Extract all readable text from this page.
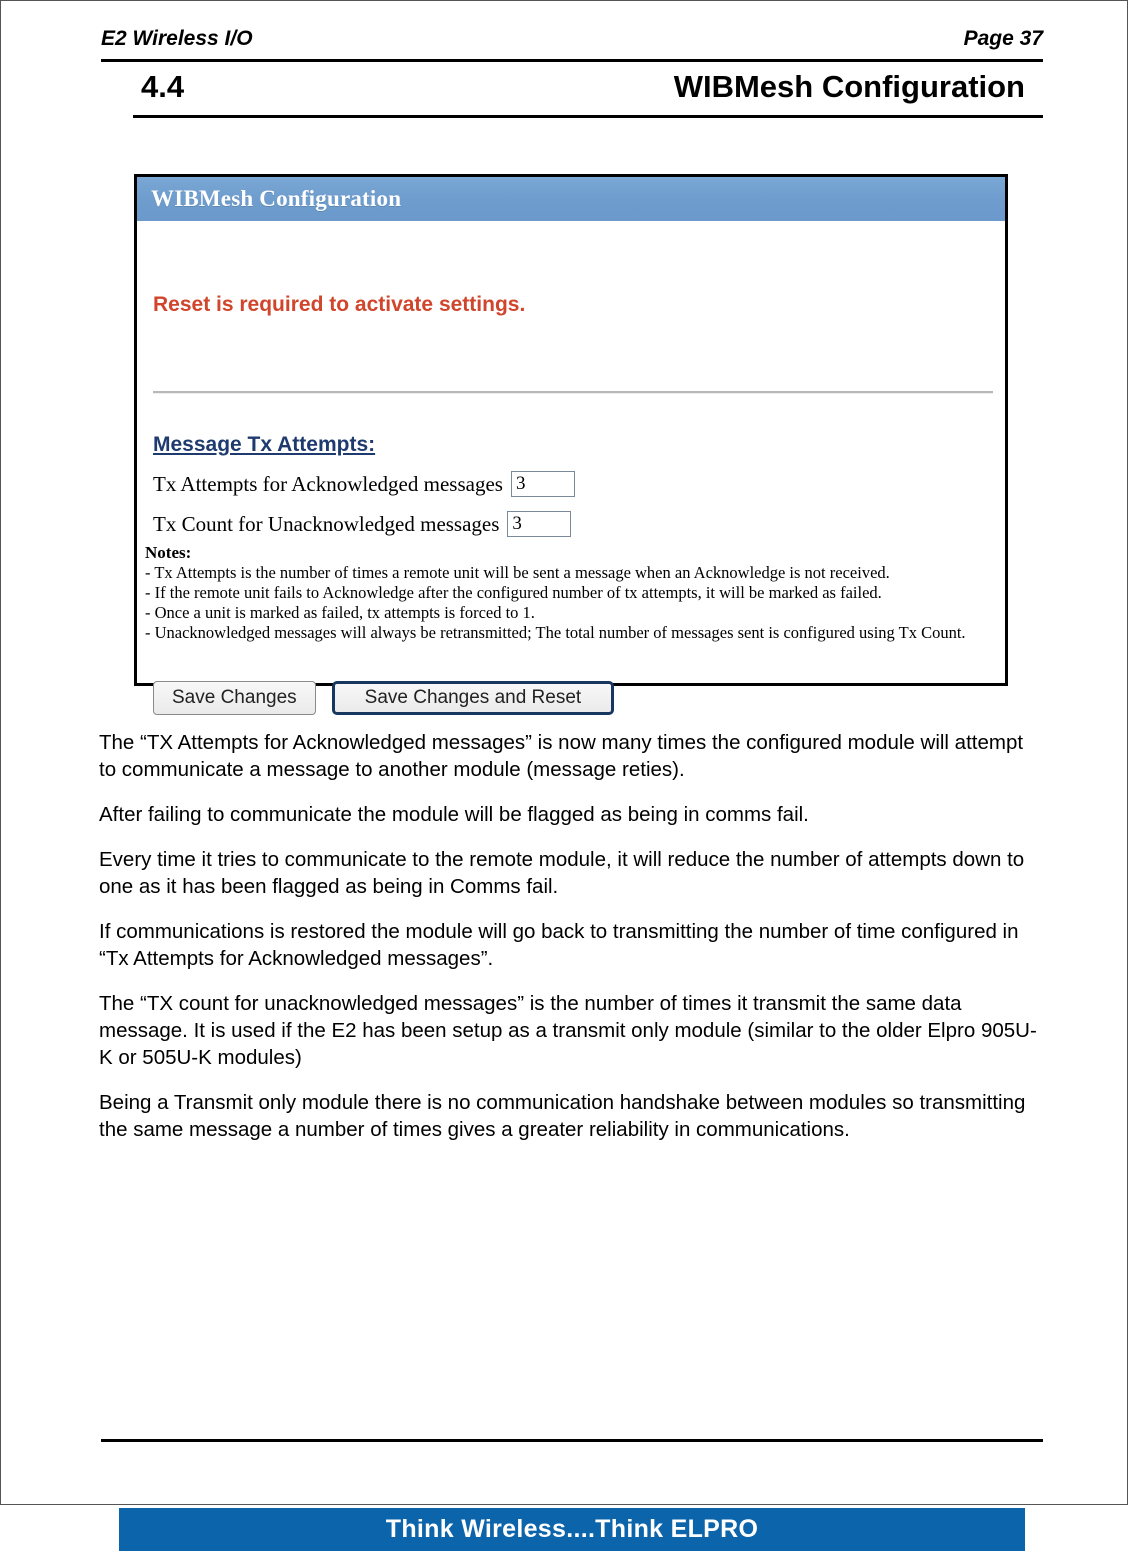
E2 Wireless I/O	Page 37
4.4	WIBMesh Configuration
WIBMesh Configuration
Reset is required to activate settings.
Message Tx Attempts:
Tx Attempts for Acknowledged messages
3
Tx Count for Unacknowledged messages
3
Notes:
- Tx Attempts is the number of times a remote unit will be sent a message when an Acknowledge is not received.
- If the remote unit fails to Acknowledge after the configured number of tx attempts, it will be marked as failed.
- Once a unit is marked as failed, tx attempts is forced to 1.
- Unacknowledged messages will always be retransmitted; The total number of messages sent is configured using Tx Count.
Save Changes	Save Changes and Reset

The “TX Attempts for Acknowledged messages” is now many times the configured module will attempt to communicate a message to another module (message reties).

After failing to communicate the module will be flagged as being in comms fail.

Every time it tries to communicate to the remote module, it will reduce the number of attempts down to one as it has been flagged as being in Comms fail.

If communications is restored the module will go back to transmitting the number of time configured in “Tx Attempts for Acknowledged messages”.

The “TX count for unacknowledged messages” is the number of times it transmit the same data message. It is used if the E2 has been setup as a transmit only module (similar to the older Elpro 905U-K or 505U-K modules)

Being a Transmit only module there is no communication handshake between modules so transmitting the same message a number of times gives a greater reliability in communications.

Think Wireless....Think ELPRO
